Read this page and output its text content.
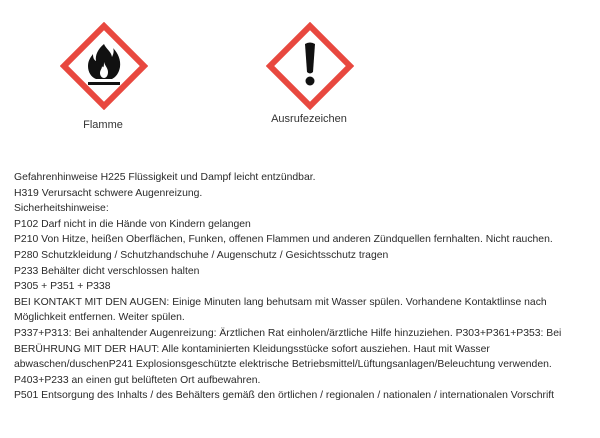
Flamme	Ausrufezeichen
Gefahrenhinweise H225 Flüssigkeit und Dampf leicht entzündbar.
H319 Verursacht schwere Augenreizung.
Sicherheitshinweise:
P102 Darf nicht in die Hände von Kindern gelangen
P210 Von Hitze, heißen Oberflächen, Funken, offenen Flammen und anderen Zündquellen fernhalten. Nicht rauchen.
P280 Schutzkleidung / Schutzhandschuhe / Augenschutz / Gesichtsschutz tragen
P233 Behälter dicht verschlossen halten
P305 + P351 + P338
BEI KONTAKT MIT DEN AUGEN: Einige Minuten lang behutsam mit Wasser spülen. Vorhandene Kontaktlinse nach
Möglichkeit entfernen. Weiter spülen.
P337+P313: Bei anhaltender Augenreizung: Ärztlichen Rat einholen/ärztliche Hilfe hinzuziehen. P303+P361+P353: Bei
BERÜHRUNG MIT DER HAUT: Alle kontaminierten Kleidungsstücke sofort ausziehen. Haut mit Wasser
abwaschen/duschenP241 Explosionsgeschützte elektrische Betriebsmittel/Lüftungsanlagen/Beleuchtung verwenden.
P403+P233 an einen gut belüfteten Ort aufbewahren.
P501 Entsorgung des Inhalts / des Behälters gemäß den örtlichen / regionalen / nationalen / internationalen Vorschrift
